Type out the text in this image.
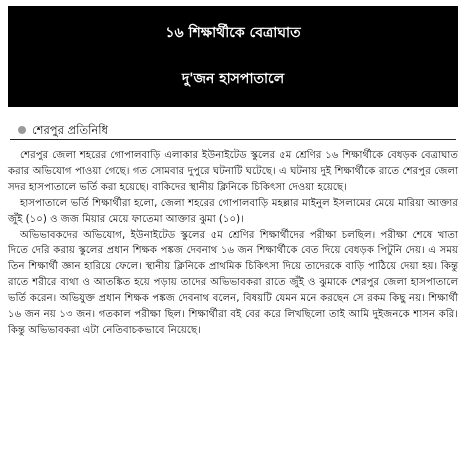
১৬ শিক্ষার্থীকে বেত্রাঘাত
দু'জন হাসপাতালে
শেরপুর প্রতিনিধি

শেরপুর জেলা শহরের গোপালবাড়ি এলাকার ইউনাইটেড স্কুলের ৫ম শ্রেণির ১৬ শিক্ষার্থীকে বেধড়ক বেত্রাঘাত করার অভিযোগ পাওয়া গেছে। গত সোমবার দুপুরে ঘটনাটি ঘটেছে। এ ঘটনায় দুই শিক্ষার্থীকে রাতে শেরপুর জেলা সদর হাসপাতালে ভর্তি করা হয়েছে। বাকিদের স্থানীয় ক্লিনিকে চিকিৎসা দেওয়া হয়েছে।

হাসপাতালে ভর্তি শিক্ষার্থীরা হলো, জেলা শহরের গোপালবাড়ি মহল্লার মাইনুল ইসলামের মেয়ে মারিয়া আক্তার জুঁই (১০) ও জজ মিয়ার মেয়ে ফাতেমা আক্তার ঝুমা (১০)।

অভিভাবকদের অভিযোগ, ইউনাইটেড স্কুলের ৫ম শ্রেণির শিক্ষার্থীদের পরীক্ষা চলছিল। পরীক্ষা শেষে খাতা দিতে দেরি করায় স্কুলের প্রধান শিক্ষক পঙ্কজ দেবনাথ ১৬ জন শিক্ষার্থীকে বেত দিয়ে বেধড়ক পিটুনি দেয়। এ সময় তিন শিক্ষার্থী জ্ঞান হারিয়ে ফেলে। স্থানীয় ক্লিনিকে প্রাথমিক চিকিৎসা দিয়ে তাদেরকে বাড়ি পাঠিয়ে দেয়া হয়। কিন্তু রাতে শরীরে ব্যথা ও আতঙ্কিত হয়ে পড়ায় তাদের অভিভাবকরা রাতে জুঁই ও ঝুমাকে শেরপুর জেলা হাসপাতালে ভর্তি করেন। অভিযুক্ত প্রধান শিক্ষক পঙ্কজ দেবনাথ বলেন, বিষয়টি যেমন মনে করছেন সে রকম কিছু নয়। শিক্ষার্থী ১৬ জন নয় ১৩ জন। গতকাল পরীক্ষা ছিল। শিক্ষার্থীরা বই বের করে লিখছিলো তাই আমি দুইজনকে শাসন করি। কিন্তু অভিভাবকরা এটা নেতিবাচকভাবে নিয়েছে।
